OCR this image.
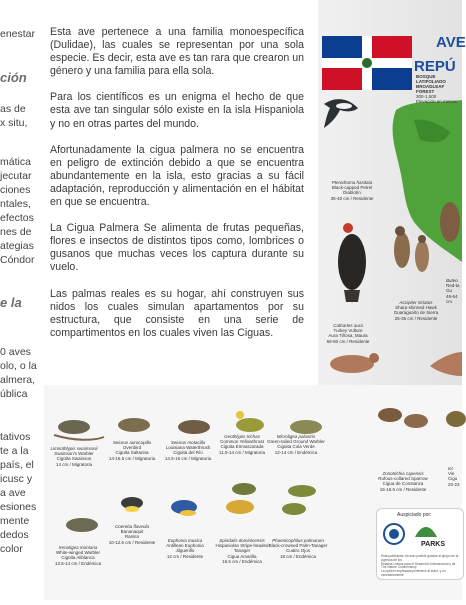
enestar
ción
as de
x situ,
mática
jecutar
ciones
ntales,
efectos
nes de
ategias
Cóndor
e la
0 aves
olo, o la
almera,
ública
tativos
te a la
país, el
icusc y
a ave
esiones
mente
dedos
color

Esta ave pertenece a una familia monoespecífica (Dulidae), las cuales se representan por una sola especie. Es decir, esta ave es tan rara que crearon un género y una familia para ella sola.

Para los científicos es un enigma el hecho de que esta ave tan singular sólo existe en la isla Hispaniola y no en otras partes del mundo.

Afortunadamente la cigua palmera no se encuentra en peligro de extinción debido a que se encuentra abundantemente en la isla, esto gracias a su fácil adaptación, reproducción y alimentación en el hábitat en que se encuentra.

La Cigua Palmera Se alimenta de frutas pequeñas, flores e insectos de distintos tipos como, lombrices o gusanos que muchas veces los captura durante su vuelo.

Las palmas reales es su hogar, ahí construyen sus nidos los cuales simulan apartamentos por su estructura, que consiste en una serie de compartimentos en los cuales viven las Ciguas.

AVE
REPÚ
BOSQUE LATIFOLIADO
BROADLEAF FOREST
300-1,500
Elevación en metros
Pterodroma hasitata
Black-capped Petrel
Diablotín
35-40 cm / Residente
Cathartes aura
Turkey Vulture
Aura Tiñosa, Maura
68-80 cm / Residente
Accipiter striatus
Sharp-shinned Hawk
Guaraguaíto de Sierra
25-35 cm / Residente
Buteo
Red-ta
Gu
48-64 cm
Limnothlypis swainsonii
Swainson's Warbler
Cigüita Swainson
14 cm / Migratoria
Seiurus aurocapilla
Ovenbird
Cigüita Saltarina
14-16.5 cm / Migratoria
Seiurus motacilla
Louisiana Waterthrush
Cigüita del Río
14.5-16 cm / Migratoria
Geothlypis trichas
Common Yellowthroat
Cigüita Enmascarada
11.5-14 cm / Migratoria
Microligea palustris
Green-tailed Ground Warbler
Cigüita Cola Verde
12-14 cm / Endémica
Xenoligea montana
White-winged Warbler
Cigüita Aliblanca
13.5-14 cm / Endémica
Coereba flaveola
Bananaquit
Ramito
10-12.5 cm / Residente	Euphonia musica
Antillean Euphonia
Jilguerillo
12 cm / Residente
Spindalis dominicensis
Hispaniolan Stripe-headed Tanager
Cigua Amarilla
16.5 cm / Endémica
Phaenicophilus palmarum
Black-crowned Palm-Tanager
Cuatro Ojos
18 cm / Endémica
Zonotrichia capensis
Rufous-collared Sparrow
Cigua de Constanza
15-16.5 cm / Residente
Ict
Vie
Cigu
20-23
Auspiciado por:
PARKS
Esta publicación ha sido posible gracias al apoyo de la Agencia de los
Estados Unidos para el Desarrollo Internacional y de The Nature Conservancy.
La opinión expresada pertenece al autor, y no necesariamente
